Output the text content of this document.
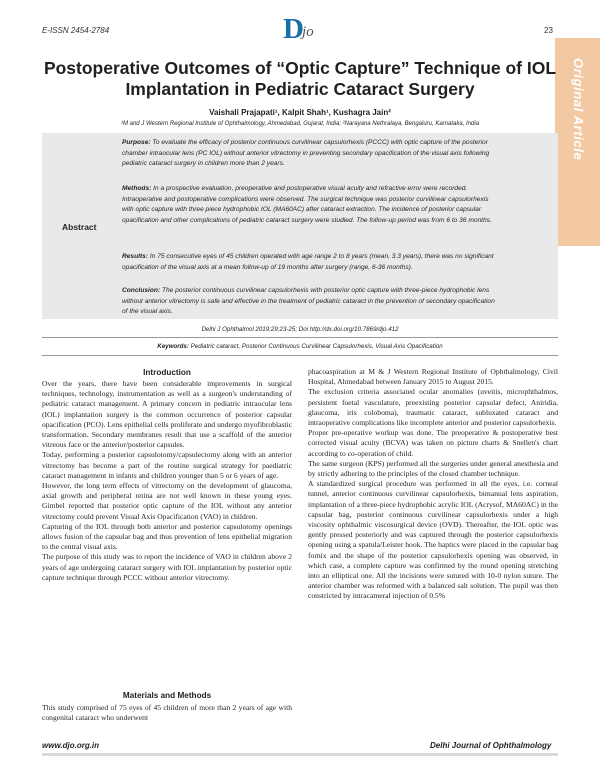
E-ISSN 2454-2784	D
jo	23
Original Article
Postoperative Outcomes of “Optic Capture” Technique of IOL Implantation in Pediatric Cataract Surgery
Vaishali Prajapati¹, Kalpit Shah¹, Kushagra Jain²
¹M and J Western Regional Institute of Ophthalmology, Ahmedabad, Gujarat, India; ²Narayana Nethralaya, Bengaluru, Karnataka, India
Abstract
Purpose: To evaluate the efficacy of posterior continuous curvilinear capsulorhexis (PCCC) with optic capture of the posterior chamber intraocular lens (PC IOL) without anterior vitrectomy in preventing secondary opacification of the visual axis following pediatric cataract surgery in children more than 2 years.
Methods: In a prospective evaluation, preoperative and postoperative visual acuity and refractive error were recorded. Intraoperative and postoperative complications were observed. The surgical technique was posterior curvilinear capsulorhexis with optic capture with three piece hydrophobic IOL (MA60AC) after cataract extraction. The incidence of posterior capsular opacification and other complications of pediatric cataract surgery were studied. The follow-up period was from 6 to 36 months.
Results: In 75 consecutive eyes of 45 children operated with age range 2 to 8 years (mean, 3.3 years), there was no significant opacification of the visual axis at a mean follow-up of 19 months after surgery (range, 6-36 months).
Conclusion: The posterior continuous curvilinear capsulorhexis with posterior optic capture with three-piece hydrophobic lens without anterior vitrectomy is safe and effective in the treatment of pediatric cataract in the prevention of secondary opacification of the visual axis.
Delhi J Ophthalmol 2019;29;23-25; Doi http://dx.doi.org/10.7869/djo.412
Keywords: Pediatric cataract, Posterior Continuous Curvilinear Capsulorhexis, Visual Axis Opacification
Introduction

Over the years, there have been considerable improvements in surgical techniques, technology, instrumentation as well as a surgeon's understanding of pediatric cataract management. A primary concern in pediatric intraocular lens (IOL) implantation surgery is the common occurrence of posterior capsular opacification (PCO). Lens epithelial cells proliferate and undergo myofibroblastic transformation. Secondary membranes result that use a scaffold of the anterior vitreous face or the anterior/posterior capsules.

Today, performing a posterior capsulotomy/capsulectomy along with an anterior vitrectomy has become a part of the routine surgical strategy for paediatric cataract management in infants and children younger than 5 or 6 years of age.

However, the long term effects of vitrectomy on the development of glaucoma, axial growth and peripheral retina are not well known in these young eyes. Gimbel reported that posterior optic capture of the IOL without any anterior vitrectomy could prevent Visual Axis Opacification (VAO) in children.

Capturing of the IOL through both anterior and posterior capsulotomy openings allows fusion of the capsular bag and thus prevention of lens epithelial migration to the central visual axis.

The purpose of this study was to report the incidence of VAO in children above 2 years of age undergoing cataract surgery with IOL implantation by posterior optic capture technique through PCCC without anterior vitrectomy.

Materials and Methods

This study comprised of 75 eyes of 45 children of more than 2 years of age with congenital cataract who underwent

phacoaspiration at M & J Western Regional Institute of Ophthalmology, Civil Hospital, Ahmedabad between January 2015 to August 2015.

The exclusion criteria associated ocular anomalies (uveitis, microphthalmos, persistent foetal vasculature, preexisting posterior capsular defect, Aniridia, glaucoma, iris coloboma), traumatic cataract, subluxated cataract and intraoperative complications like incomplete anterior and posterior capsulorhexis.

Proper pre-operative workup was done. The preoperative & postoperative best corrected visual acuity (BCVA) was taken on picture charts & Snellen's chart according to co-operation of child.

The same surgeon (KPS) performed all the surgeries under general anesthesia and by strictly adhering to the principles of the closed chamber technique.

A standardized surgical procedure was performed in all the eyes, i.e. corneal tunnel, anterior continuous curvilinear capsulorhexis, bimanual lens aspiration, implantation of a three-piece hydrophobic acrylic IOL (Acrysof, MA60AC) in the capsular bag, posterior continuous curvilinear capsulorhexis under a high viscosity ophthalmic viscosurgical device (OVD). Thereafter, the IOL optic was gently pressed posteriorly and was captured through the posterior capsulorhexis opening using a spatula/Leister hook. The haptics were placed in the capsular bag fornix and the shape of the posterior capsulorhexis opening was observed, in which case, a complete capture was confirmed by the round opening stretching into an elliptical one. All the incisions were sutured with 10-0 nylon suture. The anterior chamber was reformed with a balanced salt solution. The pupil was then constricted by intracameral injection of 0.5%

www.djo.org.in	Delhi Journal of Ophthalmology
